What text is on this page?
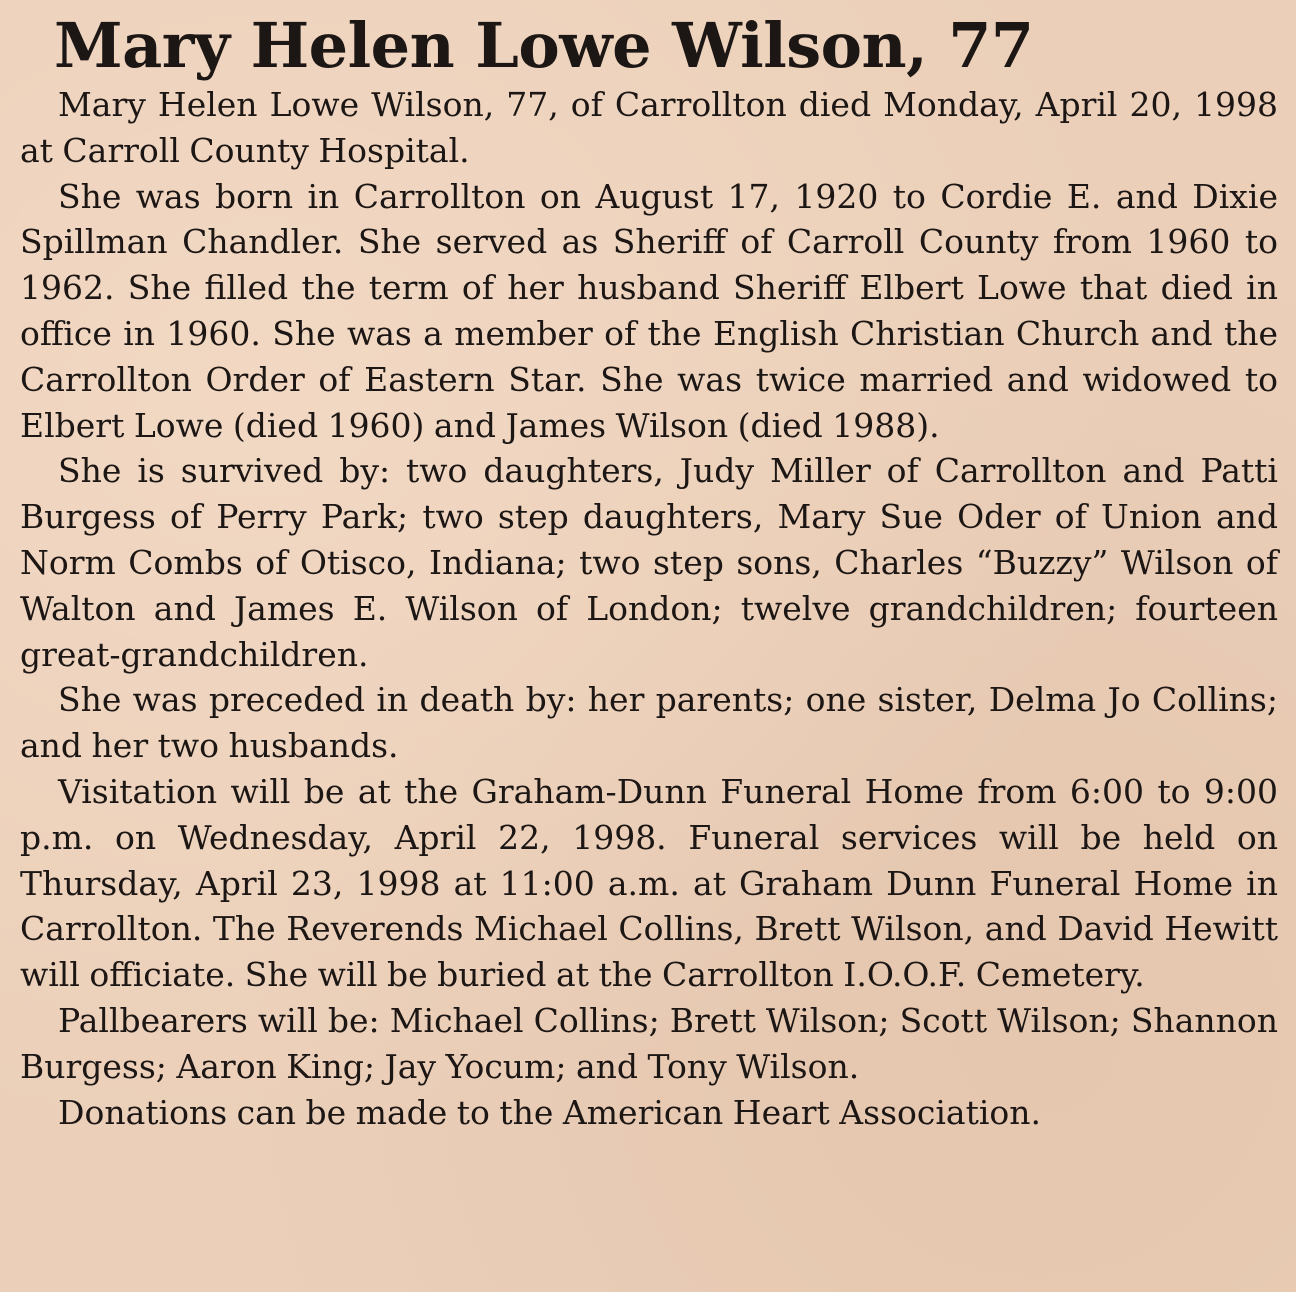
Mary Helen Lowe Wilson, 77

Mary Helen Lowe Wilson, 77, of Carrollton died Monday, April 20, 1998 at Carroll County Hospital.

She was born in Carrollton on August 17, 1920 to Cordie E. and Dixie Spillman Chandler. She served as Sheriff of Carroll County from 1960 to 1962. She filled the term of her husband Sheriff Elbert Lowe that died in office in 1960. She was a member of the English Christian Church and the Carrollton Order of Eastern Star. She was twice married and widowed to Elbert Lowe (died 1960) and James Wilson (died 1988).

She is survived by: two daughters, Judy Miller of Carrollton and Patti Burgess of Perry Park; two step daughters, Mary Sue Oder of Union and Norm Combs of Otisco, Indiana; two step sons, Charles “Buzzy” Wilson of Walton and James E. Wilson of London; twelve grandchildren; fourteen great-grandchildren.

She was preceded in death by: her parents; one sister, Delma Jo Collins; and her two husbands.

Visitation will be at the Graham-Dunn Funeral Home from 6:00 to 9:00 p.m. on Wednesday, April 22, 1998. Funeral services will be held on Thursday, April 23, 1998 at 11:00 a.m. at Graham Dunn Funeral Home in Carrollton. The Reverends Michael Collins, Brett Wilson, and David Hewitt will officiate. She will be buried at the Carrollton I.O.O.F. Cemetery.

Pallbearers will be: Michael Collins; Brett Wilson; Scott Wilson; Shannon Burgess; Aaron King; Jay Yocum; and Tony Wilson.

Donations can be made to the American Heart Association.
